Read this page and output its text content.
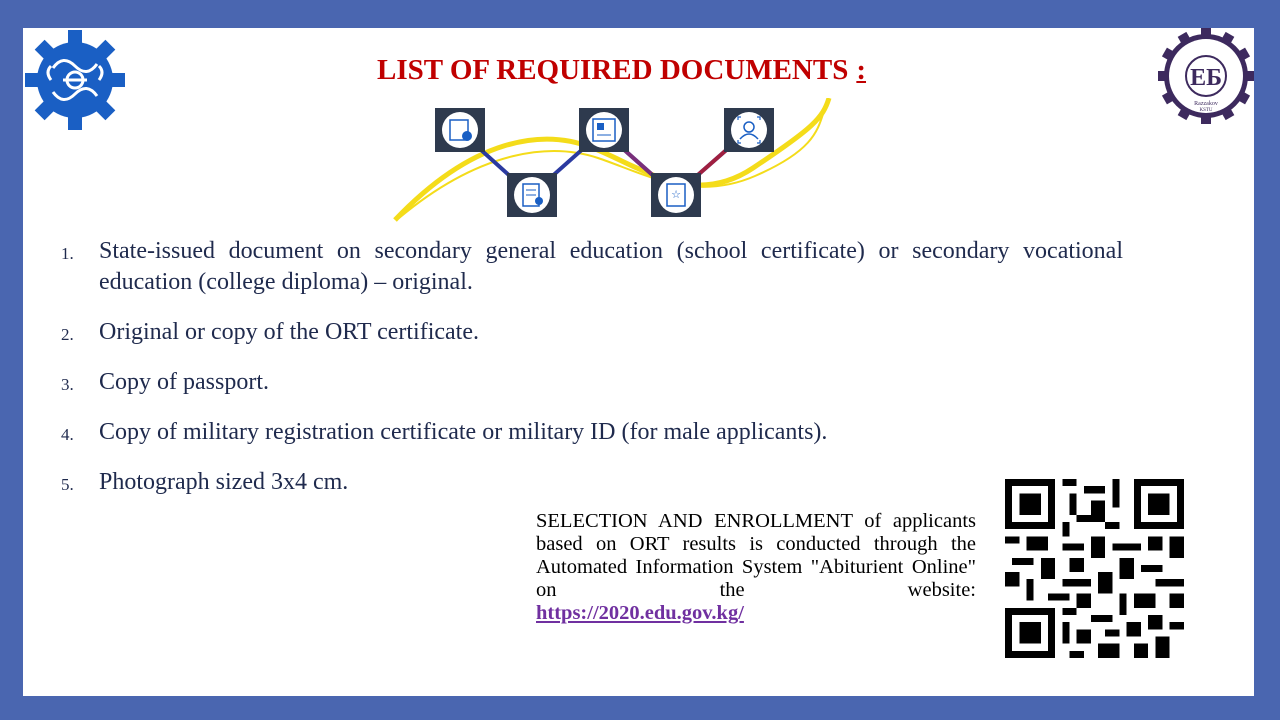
ЕБ
Razzakov
KSTU
LIST OF REQUIRED DOCUMENTS :
☆
1. State-issued document on secondary general education (school certificate) or secondary vocational education (college diploma) – original.
2. Original or copy of the ORT certificate.
3. Copy of passport.
4. Copy of military registration certificate or military ID (for male applicants).
5. Photograph sized 3x4 cm.
SELECTION AND ENROLLMENT of applicants based on ORT results is conducted through the Automated Information System "Abiturient Online" on the website:
https://2020.edu.gov.kg/
